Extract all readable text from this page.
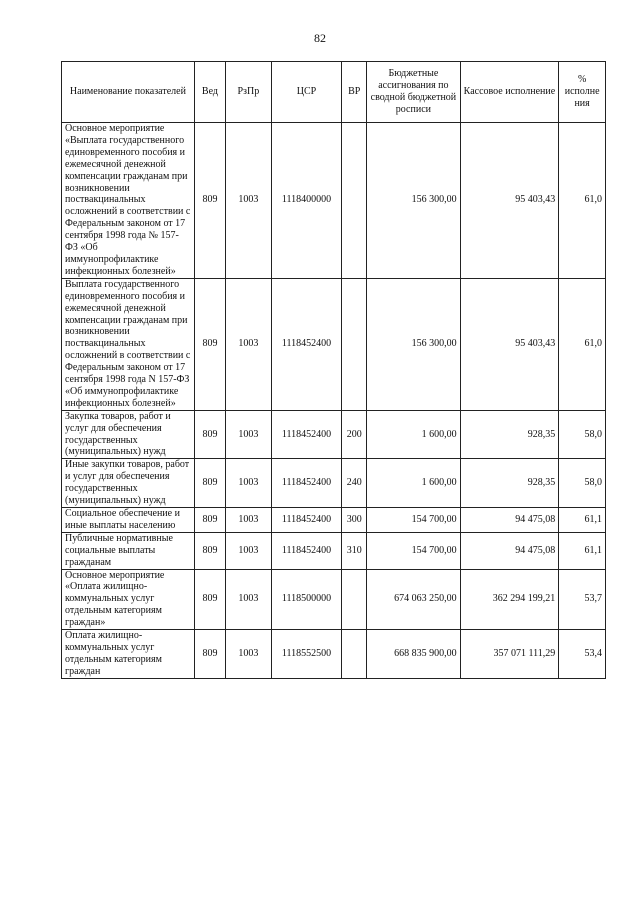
82
Наименование показателей	Вед	РзПр	ЦСР	ВР	Бюджетные ассигнования по сводной бюджетной росписи	Кассовое исполнение	% исполне ния
Основное мероприятие «Выплата государственного единовременного пособия и ежемесячной денежной компенсации гражданам при возникновении поствакцинальных осложнений в соответствии с Федеральным законом от 17 сентября 1998 года № 157-ФЗ «Об иммунопрофилактике инфекционных болезней»	809	1003	1118400000		156 300,00	95 403,43	61,0
Выплата государственного единовременного пособия и ежемесячной денежной компенсации гражданам при возникновении поствакцинальных осложнений в соответствии с Федеральным законом от 17 сентября 1998 года N 157-ФЗ «Об иммунопрофилактике инфекционных болезней»	809	1003	1118452400		156 300,00	95 403,43	61,0
Закупка товаров, работ и услуг для обеспечения государственных (муниципальных) нужд	809	1003	1118452400	200	1 600,00	928,35	58,0
Иные закупки товаров, работ и услуг для обеспечения государственных (муниципальных) нужд	809	1003	1118452400	240	1 600,00	928,35	58,0
Социальное обеспечение и иные выплаты населению	809	1003	1118452400	300	154 700,00	94 475,08	61,1
Публичные нормативные социальные выплаты гражданам	809	1003	1118452400	310	154 700,00	94 475,08	61,1
Основное мероприятие «Оплата жилищно-коммунальных услуг отдельным категориям граждан»	809	1003	1118500000		674 063 250,00	362 294 199,21	53,7
Оплата жилищно-коммунальных услуг отдельным категориям граждан	809	1003	1118552500		668 835 900,00	357 071 111,29	53,4
